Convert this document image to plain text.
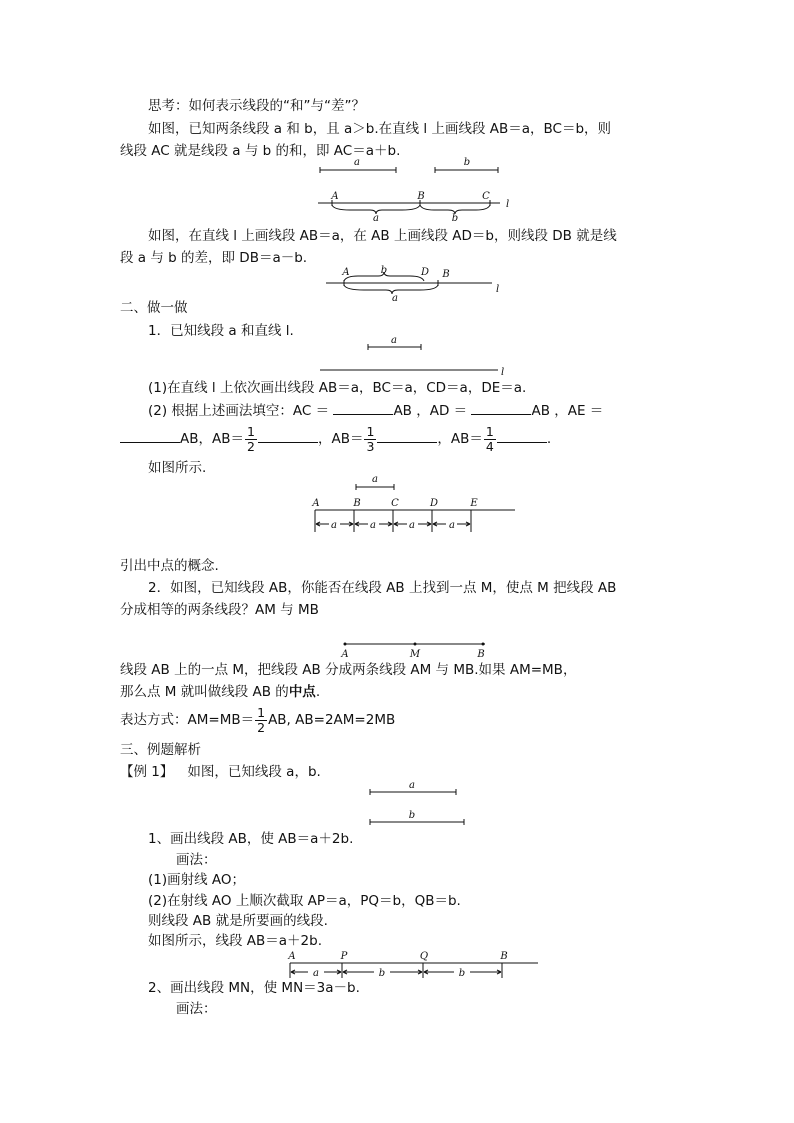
思考：如何表示线段的“和”与“差”？
如图，已知两条线段 a 和 b，且 a＞b.在直线 l 上画线段 AB＝a，BC＝b，则
线段 AC 就是线段 a 与 b 的和，即 AC＝a＋b.
a	b
A	B	C
l
a	b
如图，在直线 l 上画线段 AB＝a，在 AB 上画线段 AD＝b，则线段 DB 就是线
段 a 与 b 的差，即 DB＝a－b.
A	D B
b
a
l
二、做一做
1．已知线段 a 和直线 l.
a
l
(1)在直线 l 上依次画出线段 AB＝a，BC＝a，CD＝a，DE＝a.
(2) 根据上述画法填空：AC ＝	AB ，AD ＝	AB ，AE ＝
AB，$AB= \frac{1}{2}$	，$AB= \frac{1}{3}$	，$AB= \frac{1}{4}$	.
如图所示.
a
A	B	C	D	E
a	a	a	a
引出中点的概念.
2．如图，已知线段 AB，你能否在线段 AB 上找到一点 M，使点 M 把线段 AB
分成相等的两条线段？AM 与 MB
A	M	B
线段 AB 上的一点 M，把线段 AB 分成两条线段 AM 与 MB.如果 AM=MB，
那么点 M 就叫做线段 AB 的中点.
表达方式：$AM=MB= \frac{1}{2}$ AB, AB=2AM=2MB
三、例题解析
【例 1】 如图，已知线段 a，b.
a
b
1、画出线段 AB，使 AB＝a＋2b.
画法：
(1)画射线 AO；
(2)在射线 AO 上顺次截取 AP＝a，PQ＝b，QB＝b.
则线段 AB 就是所要画的线段.
如图所示，线段 AB＝a＋2b.
A	P	Q	B
a	b	b
2、画出线段 MN，使 MN＝3a－b.
画法：
